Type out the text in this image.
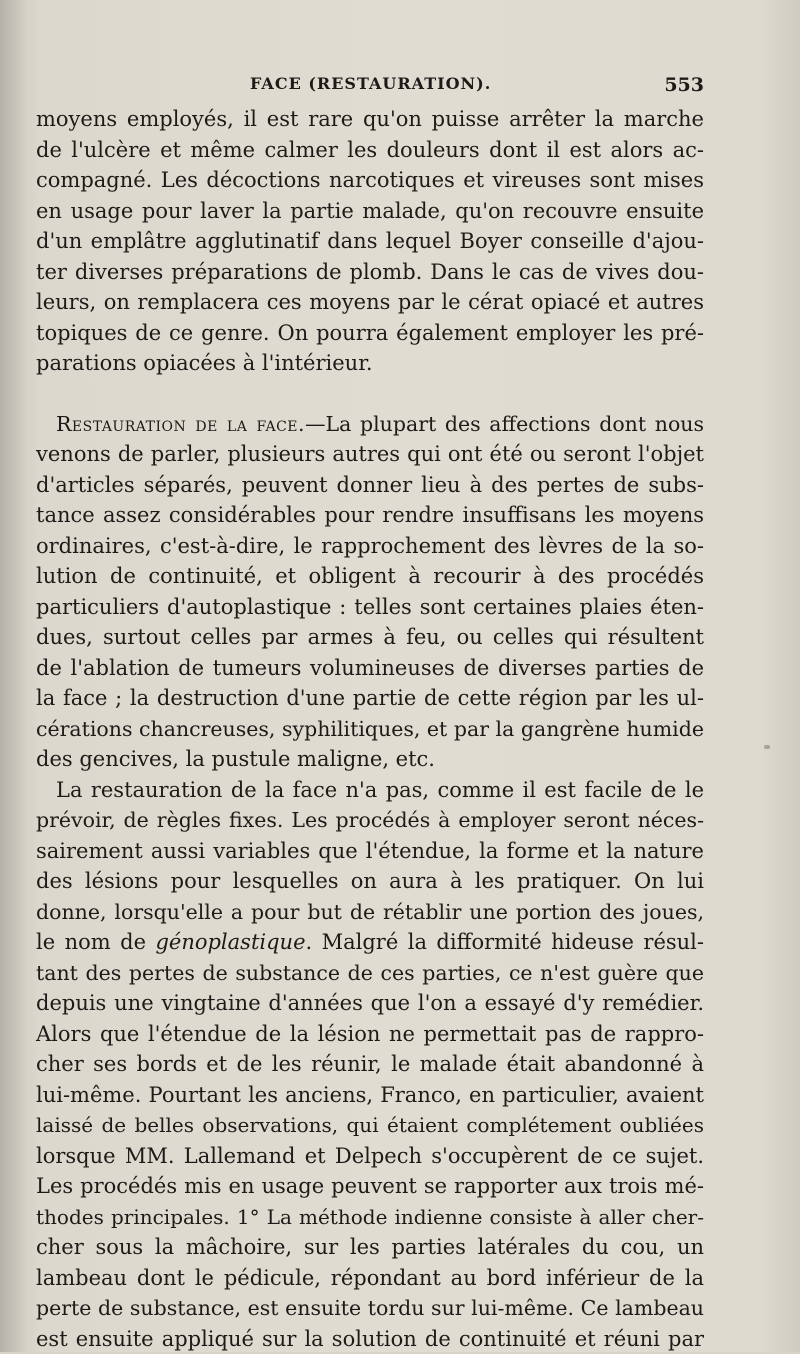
FACE (RESTAURATION).	553
moyens employés, il est rare qu'on puisse arrêter la marche
de l'ulcère et même calmer les douleurs dont il est alors ac-
compagné. Les décoctions narcotiques et vireuses sont mises
en usage pour laver la partie malade, qu'on recouvre ensuite
d'un emplâtre agglutinatif dans lequel Boyer conseille d'ajou-
ter diverses préparations de plomb. Dans le cas de vives dou-
leurs, on remplacera ces moyens par le cérat opiacé et autres
topiques de ce genre. On pourra également employer les pré-
parations opiacées à l'intérieur.
Restauration de la face.—La plupart des affections dont nous
venons de parler, plusieurs autres qui ont été ou seront l'objet
d'articles séparés, peuvent donner lieu à des pertes de subs-
tance assez considérables pour rendre insuffisans les moyens
ordinaires, c'est-à-dire, le rapprochement des lèvres de la so-
lution de continuité, et obligent à recourir à des procédés
particuliers d'autoplastique : telles sont certaines plaies éten-
dues, surtout celles par armes à feu, ou celles qui résultent
de l'ablation de tumeurs volumineuses de diverses parties de
la face ; la destruction d'une partie de cette région par les ul-
cérations chancreuses, syphilitiques, et par la gangrène humide
des gencives, la pustule maligne, etc.
La restauration de la face n'a pas, comme il est facile de le
prévoir, de règles fixes. Les procédés à employer seront néces-
sairement aussi variables que l'étendue, la forme et la nature
des lésions pour lesquelles on aura à les pratiquer. On lui
donne, lorsqu'elle a pour but de rétablir une portion des joues,
le nom de génoplastique. Malgré la difformité hideuse résul-
tant des pertes de substance de ces parties, ce n'est guère que
depuis une vingtaine d'années que l'on a essayé d'y remédier.
Alors que l'étendue de la lésion ne permettait pas de rappro-
cher ses bords et de les réunir, le malade était abandonné à
lui-même. Pourtant les anciens, Franco, en particulier, avaient
laissé de belles observations, qui étaient complétement oubliées
lorsque MM. Lallemand et Delpech s'occupèrent de ce sujet.
Les procédés mis en usage peuvent se rapporter aux trois mé-
thodes principales. 1° La méthode indienne consiste à aller cher-
cher sous la mâchoire, sur les parties latérales du cou, un
lambeau dont le pédicule, répondant au bord inférieur de la
perte de substance, est ensuite tordu sur lui-même. Ce lambeau
est ensuite appliqué sur la solution de continuité et réuni par
